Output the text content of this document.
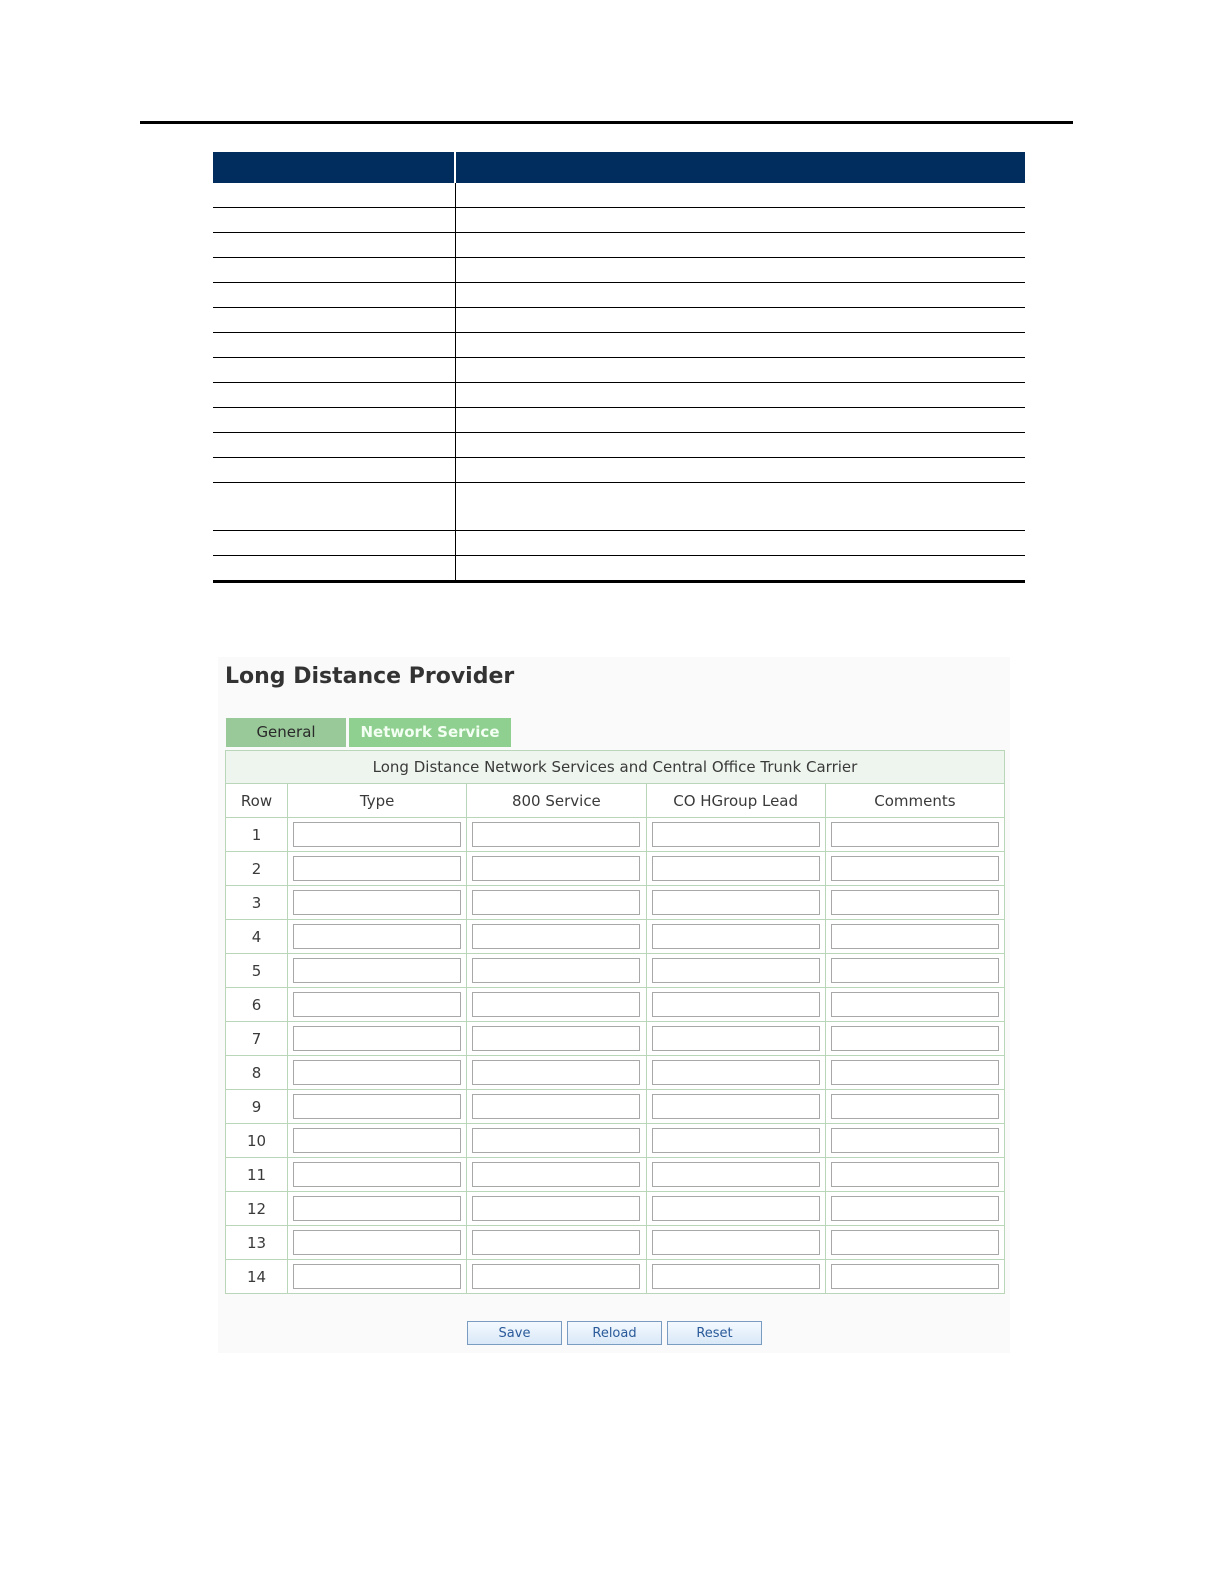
Long Distance Provider
General	Network Service
Long Distance Network Services and Central Office Trunk Carrier				
Row	Type	800 Service	CO HGroup Lead	Comments
1	

2	

3	

4	

5	

6	

7	

8	

9	

10	

11	

12	

13	

14	

Save	Reload	Reset
